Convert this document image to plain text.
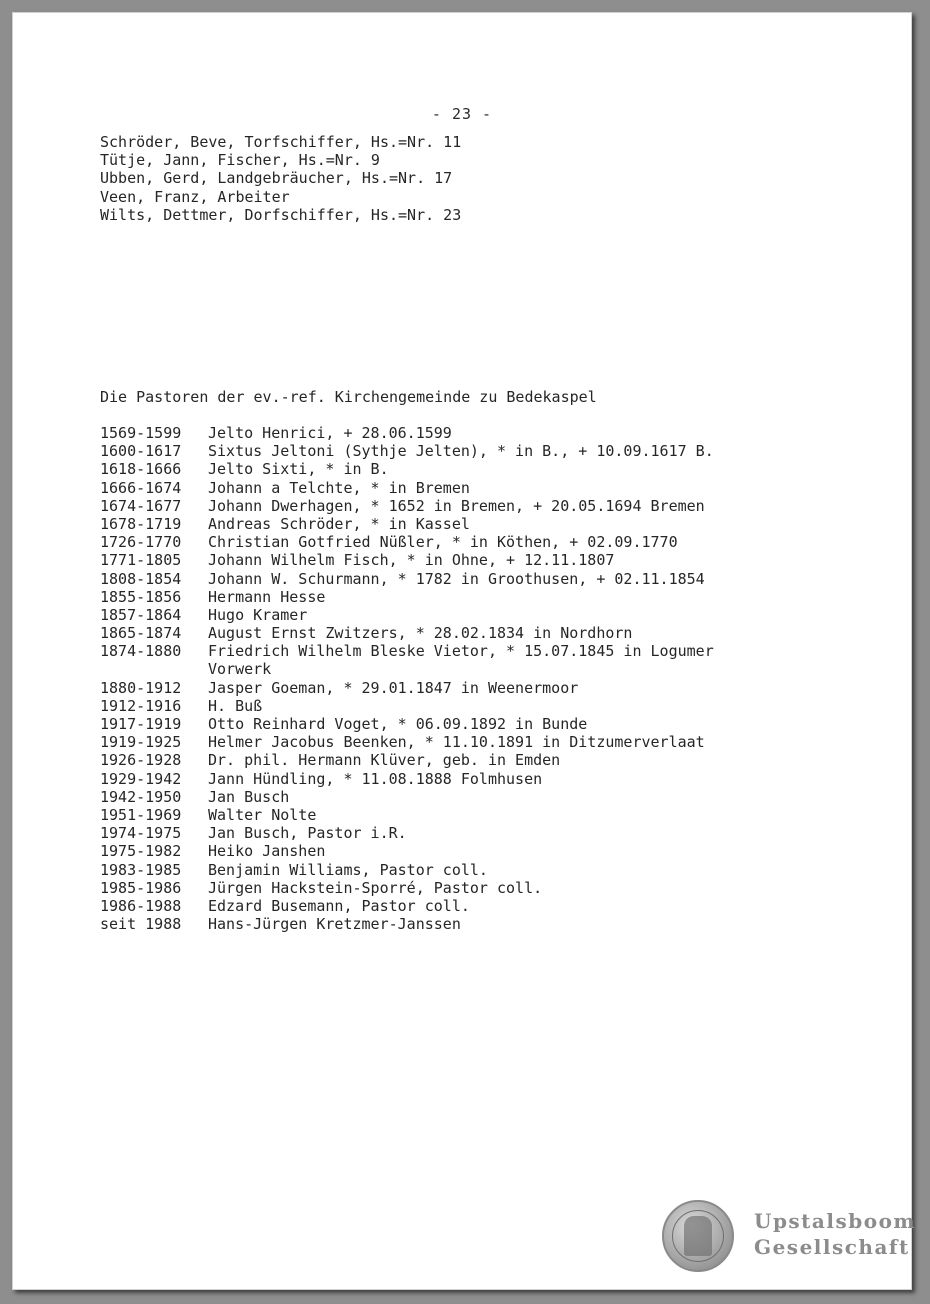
- 23 -
Schröder, Beve, Torfschiffer, Hs.=Nr. 11
Tütje, Jann, Fischer, Hs.=Nr. 9
Ubben, Gerd, Landgebräucher, Hs.=Nr. 17
Veen, Franz, Arbeiter
Wilts, Dettmer, Dorfschiffer, Hs.=Nr. 23
Die Pastoren der ev.-ref. Kirchengemeinde zu Bedekaspel
1569-1599 Jelto Henrici, + 28.06.1599
1600-1617 Sixtus Jeltoni (Sythje Jelten), * in B., + 10.09.1617 B.
1618-1666 Jelto Sixti, * in B.
1666-1674 Johann a Telchte, * in Bremen
1674-1677 Johann Dwerhagen, * 1652 in Bremen, + 20.05.1694 Bremen
1678-1719 Andreas Schröder, * in Kassel
1726-1770 Christian Gotfried Nüßler, * in Köthen, + 02.09.1770
1771-1805 Johann Wilhelm Fisch, * in Ohne, + 12.11.1807
1808-1854 Johann W. Schurmann, * 1782 in Groothusen, + 02.11.1854
1855-1856 Hermann Hesse
1857-1864 Hugo Kramer
1865-1874 August Ernst Zwitzers, * 28.02.1834 in Nordhorn
1874-1880 Friedrich Wilhelm Bleske Vietor, * 15.07.1845 in Logumer
Vorwerk
1880-1912 Jasper Goeman, * 29.01.1847 in Weenermoor
1912-1916 H. Buß
1917-1919 Otto Reinhard Voget, * 06.09.1892 in Bunde
1919-1925 Helmer Jacobus Beenken, * 11.10.1891 in Ditzumerverlaat
1926-1928 Dr. phil. Hermann Klüver, geb. in Emden
1929-1942 Jann Hündling, * 11.08.1888 Folmhusen
1942-1950 Jan Busch
1951-1969 Walter Nolte
1974-1975 Jan Busch, Pastor i.R.
1975-1982 Heiko Janshen
1983-1985 Benjamin Williams, Pastor coll.
1985-1986 Jürgen Hackstein-Sporré, Pastor coll.
1986-1988 Edzard Busemann, Pastor coll.
seit 1988 Hans-Jürgen Kretzmer-Janssen
Upstalsboom
Gesellschaft
